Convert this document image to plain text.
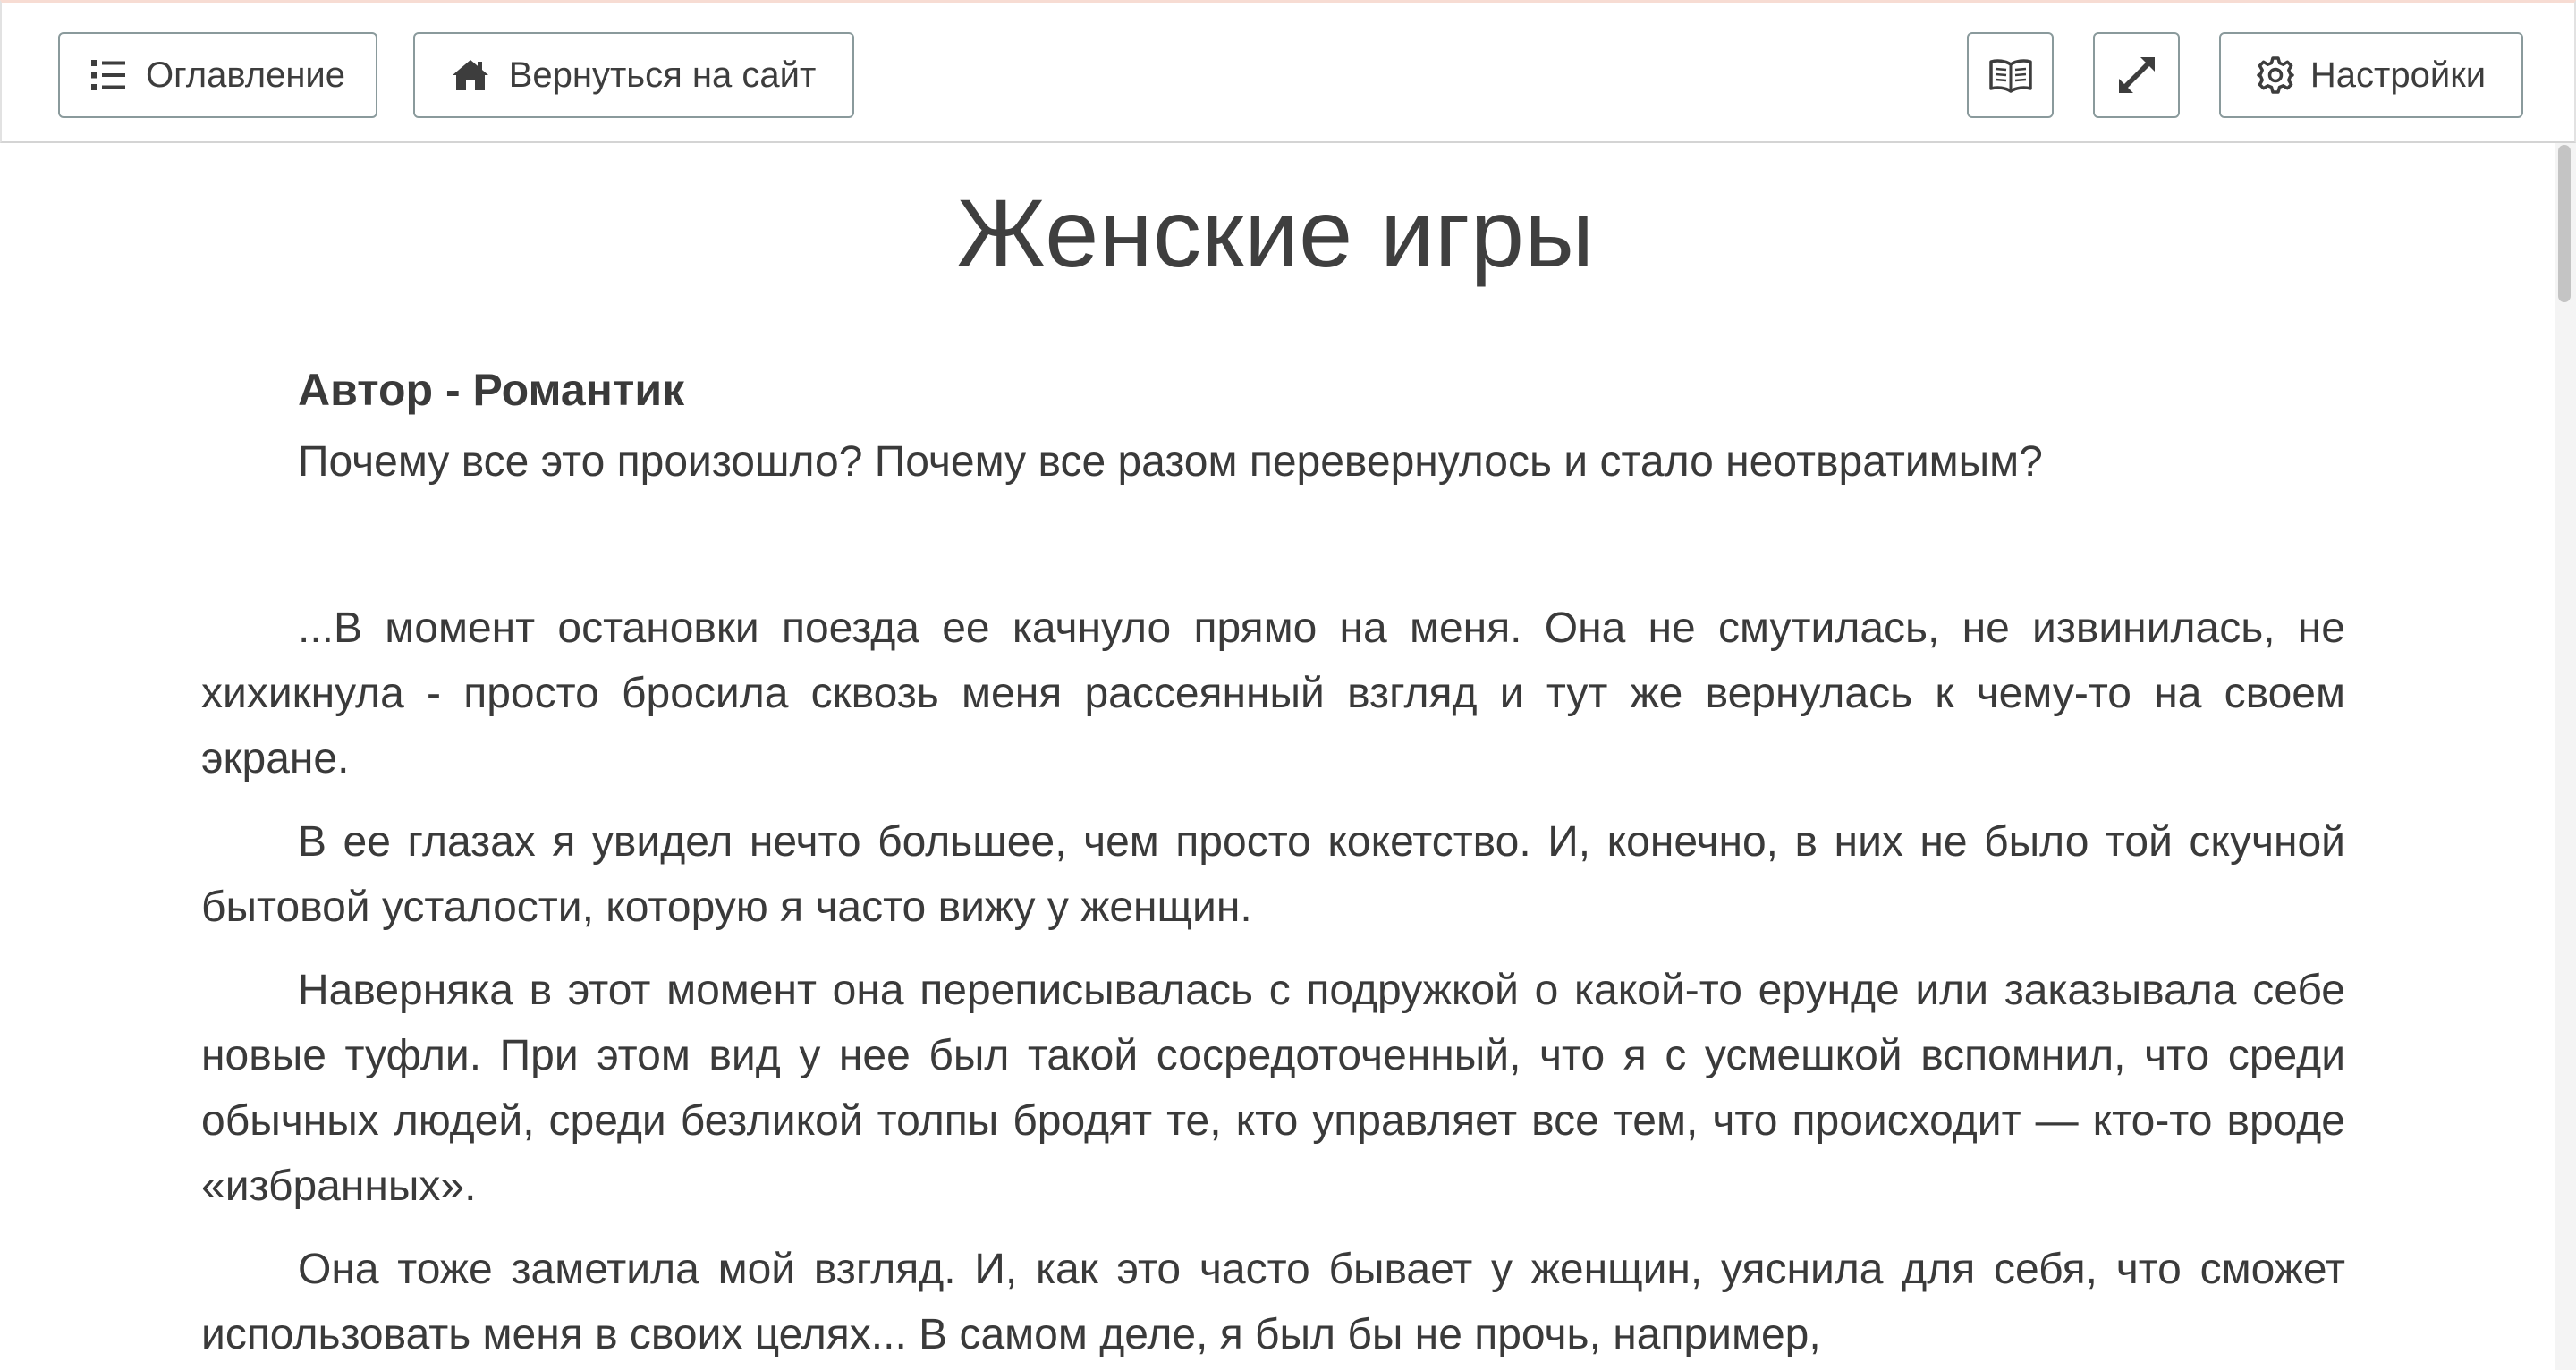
Оглавление	Вернуться на сайт	Настройки
Женские игры

Автор - Романтик

Почему все это произошло? Почему все разом перевернулось и стало неотвратимым?

...В момент остановки поезда ее качнуло прямо на меня. Она не смутилась, не извинилась, не хихикнула - просто бросила сквозь меня рассеянный взгляд и тут же вернулась к чему-то на своем экране.

В ее глазах я увидел нечто большее, чем просто кокетство. И, конечно, в них не было той скучной бытовой усталости, которую я часто вижу у женщин.

Наверняка в этот момент она переписывалась с подружкой о какой-то ерунде или заказывала себе новые туфли. При этом вид у нее был такой сосредоточенный, что я с усмешкой вспомнил, что среди обычных людей, среди безликой толпы бродят те, кто управляет все тем, что происходит — кто-то вроде «избранных».

Она тоже заметила мой взгляд. И, как это часто бывает у женщин, уяснила для себя, что сможет использовать меня в своих целях... В самом деле, я был бы не прочь, например,
